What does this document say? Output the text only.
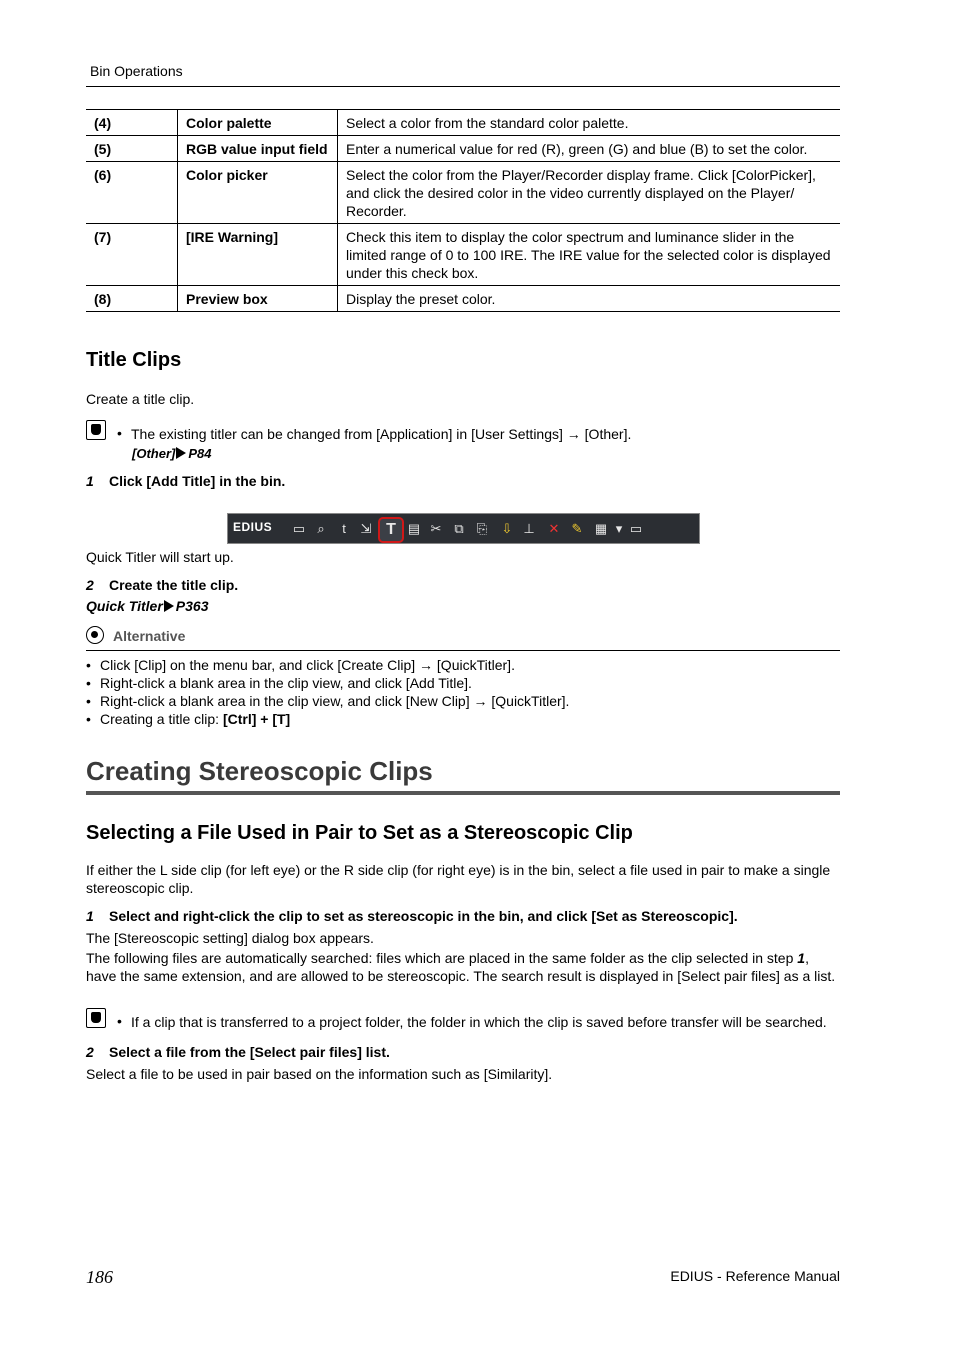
Bin Operations
(4)	Color palette	Select a color from the standard color palette.
(5)	RGB value input field	Enter a numerical value for red (R), green (G) and blue (B) to set the color.
(6)	Color picker	Select the color from the Player/Recorder display frame. Click [ColorPicker], and click the desired color in the video currently displayed on the Player/ Recorder.
(7)	[IRE Warning]	Check this item to display the color spectrum and luminance slider in the limited range of 0 to 100 IRE. The IRE value for the selected color is displayed under this check box.
(8)	Preview box	Display the preset color.
Title Clips
Create a title clip.
• The existing titler can be changed from [Application] in [User Settings] → [Other].
[Other] P84
1 Click [Add Title] in the bin.
EDIUS ▭ ⌕	t	⇲ T ▤ ✂ ⧉ ⎘ ⇩ ⊥ ✕ ✎ ▦ ▾ ▭
Quick Titler will start up.
2 Create the title clip.
Quick Titler P363
Alternative
• Click [Clip] on the menu bar, and click [Create Clip] → [QuickTitler].
• Right-click a blank area in the clip view, and click [Add Title].
• Right-click a blank area in the clip view, and click [New Clip] → [QuickTitler].
• Creating a title clip: [Ctrl] + [T]
Creating Stereoscopic Clips
Selecting a File Used in Pair to Set as a Stereoscopic Clip
If either the L side clip (for left eye) or the R side clip (for right eye) is in the bin, select a file used in pair to make a single stereoscopic clip.
1 Select and right-click the clip to set as stereoscopic in the bin, and click [Set as Stereoscopic].
The [Stereoscopic setting] dialog box appears.
The following files are automatically searched: files which are placed in the same folder as the clip selected in step 1, have the same extension, and are allowed to be stereoscopic. The search result is displayed in [Select pair files] as a list.
• If a clip that is transferred to a project folder, the folder in which the clip is saved before transfer will be searched.
2 Select a file from the [Select pair files] list.
Select a file to be used in pair based on the information such as [Similarity].
186	EDIUS - Reference Manual
